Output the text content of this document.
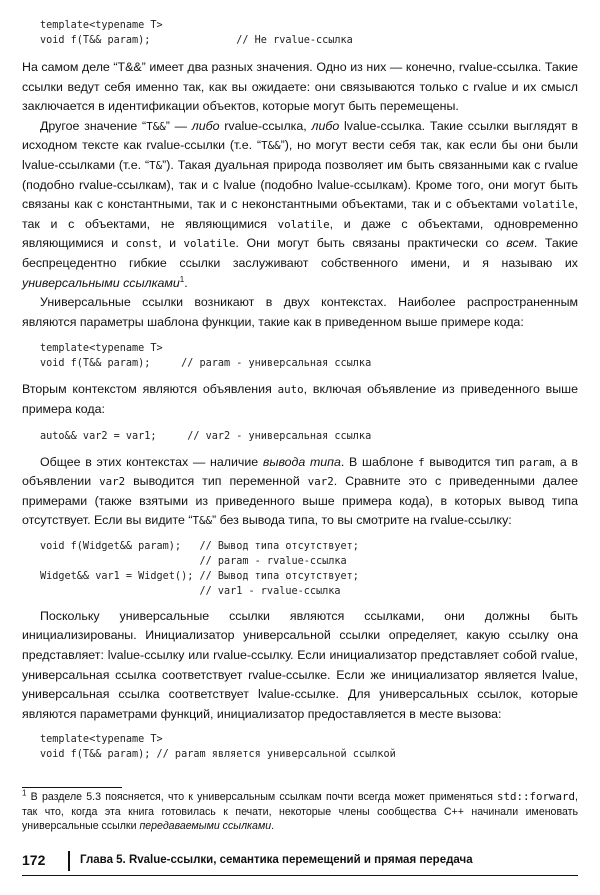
template<typename T>
void f(T&& param);              // Не rvalue-ссылка

На самом деле “T&&” имеет два разных значения. Одно из них — конечно, rvalue-ссылка. Такие ссылки ведут себя именно так, как вы ожидаете: они связываются только с rvalue и их смысл заключается в идентификации объектов, которые могут быть перемещены.

Другое значение “T&&” — либо rvalue-ссылка, либо lvalue-ссылка. Такие ссылки выглядят в исходном тексте как rvalue-ссылки (т.е. “T&&”), но могут вести себя так, как если бы они были lvalue-ссылками (т.е. “T&”). Такая дуальная природа позволяет им быть связанными как с rvalue (подобно rvalue-ссылкам), так и с lvalue (подобно lvalue-ссылкам). Кроме того, они могут быть связаны как с константными, так и с неконстантными объектами, так и с объектами volatile, так и с объектами, не являющимися volatile, и даже с объектами, одновременно являющимися и const, и volatile. Они могут быть связаны практически со всем. Такие беспрецедентно гибкие ссылки заслуживают собственного имени, и я называю их универсальными ссылками$^1$.

Универсальные ссылки возникают в двух контекстах. Наиболее распространенным являются параметры шаблона функции, такие как в приведенном выше примере кода:

template<typename T>
void f(T&& param);     // param - универсальная ссылка

Вторым контекстом являются объявления auto, включая объявление из приведенного выше примера кода:

auto&& var2 = var1;     // var2 - универсальная ссылка

Общее в этих контекстах — наличие вывода типа. В шаблоне f выводится тип param, а в объявлении var2 выводится тип переменной var2. Сравните это с приведенными далее примерами (также взятыми из приведенного выше примера кода), в которых вывод типа отсутствует. Если вы видите “T&&” без вывода типа, то вы смотрите на rvalue-ссылку:

void f(Widget&& param);   // Вывод типа отсутствует;
// param - rvalue-ссылка
Widget&& var1 = Widget(); // Вывод типа отсутствует;
// var1 - rvalue-ссылка

Поскольку универсальные ссылки являются ссылками, они должны быть инициализированы. Инициализатор универсальной ссылки определяет, какую ссылку она представляет: lvalue-ссылку или rvalue-ссылку. Если инициализатор представляет собой rvalue, универсальная ссылка соответствует rvalue-ссылке. Если же инициализатор является lvalue, универсальная ссылка соответствует lvalue-ссылке. Для универсальных ссылок, которые являются параметрами функций, инициализатор предоставляется в месте вызова:

template<typename T>
void f(T&& param); // param является универсальной ссылкой
$^1$ В разделе 5.3 поясняется, что к универсальным ссылкам почти всегда может применяться std::forward, так что, когда эта книга готовилась к печати, некоторые члены сообщества C++ начинали именовать универсальные ссылки передаваемыми ссылками.
172	Глава 5. Rvalue-ссылки, семантика перемещений и прямая передача
